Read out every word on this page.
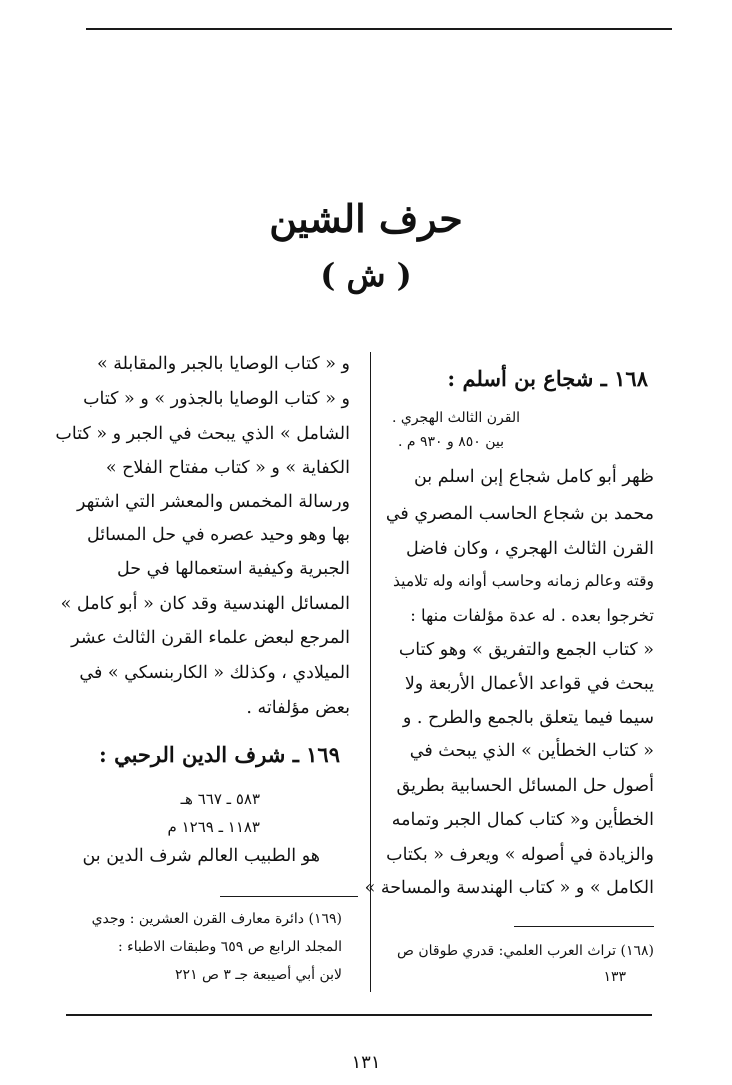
حرف الشين
( ش )
١٦٨ ـ شجاع بن أسلم :
القرن الثالث الهجري .
بين ٨٥٠ و ٩٣٠ م .
ظهر أبو كامل شجاع إبن اسلم بن
محمد بن شجاع الحاسب المصري في
القرن الثالث الهجري ، وكان فاضل
وقته وعالم زمانه وحاسب أوانه وله تلاميذ
تخرجوا بعده . له عدة مؤلفات منها :
« كتاب الجمع والتفريق » وهو كتاب
يبحث في قواعد الأعمال الأربعة ولا
سيما فيما يتعلق بالجمع والطرح . و
« كتاب الخطأين » الذي يبحث في
أصول حل المسائل الحسابية بطريق
الخطأين و« كتاب كمال الجبر وتمامه
والزيادة في أصوله » ويعرف « بكتاب
الكامل » و « كتاب الهندسة والمساحة »
(١٦٨) تراث العرب العلمي: قدري طوقان ص
١٣٣
و « كتاب الوصايا بالجبر والمقابلة »
و « كتاب الوصايا بالجذور » و « كتاب
الشامل » الذي يبحث في الجبر و « كتاب
الكفاية » و « كتاب مفتاح الفلاح »
ورسالة المخمس والمعشر التي اشتهر
بها وهو وحيد عصره في حل المسائل
الجبرية وكيفية استعمالها في حل
المسائل الهندسية وقد كان « أبو كامل »
المرجع لبعض علماء القرن الثالث عشر
الميلادي ، وكذلك « الكاربنسكي » في
بعض مؤلفاته .
١٦٩ ـ شرف الدين الرحبي :
٥٨٣ ـ ٦٦٧ هـ
١١٨٣ ـ ١٢٦٩ م
هو الطبيب العالم شرف الدين بن
(١٦٩) دائرة معارف القرن العشرين : وجدي
المجلد الرابع ص ٦٥٩ وطبقات الاطباء :
لابن أبي أصيبعة جـ ٣ ص ٢٢١
١٣١
